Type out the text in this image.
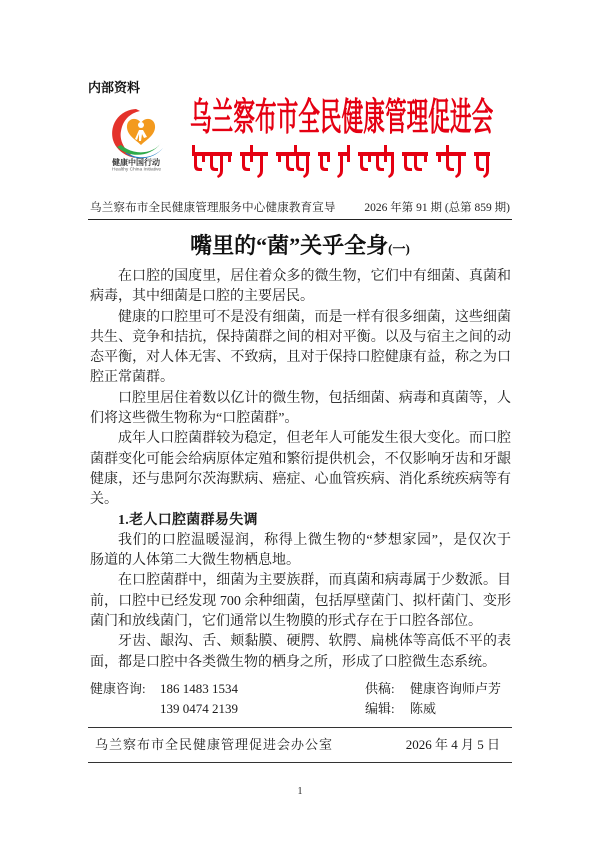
内部资料
健康中国行动
Healthy China Initiative
乌兰察布市全民健康管理促进会
乌兰察布市全民健康管理服务中心健康教育宣导 2026 年第 91 期 (总第 859 期)
嘴里的“菌”关乎全身(一)
在口腔的国度里，居住着众多的微生物，它们中有细菌、真菌和
病毒，其中细菌是口腔的主要居民。
健康的口腔里可不是没有细菌，而是一样有很多细菌，这些细菌
共生、竞争和拮抗，保持菌群之间的相对平衡。以及与宿主之间的动
态平衡，对人体无害、不致病，且对于保持口腔健康有益，称之为口
腔正常菌群。
口腔里居住着数以亿计的微生物，包括细菌、病毒和真菌等，人
们将这些微生物称为“口腔菌群”。
成年人口腔菌群较为稳定，但老年人可能发生很大变化。而口腔
菌群变化可能会给病原体定殖和繁衍提供机会，不仅影响牙齿和牙龈
健康，还与患阿尔茨海默病、癌症、心血管疾病、消化系统疾病等有
关。
1.老人口腔菌群易失调
我们的口腔温暖湿润，称得上微生物的“梦想家园”，是仅次于
肠道的人体第二大微生物栖息地。
在口腔菌群中，细菌为主要族群，而真菌和病毒属于少数派。目
前，口腔中已经发现 700 余种细菌，包括厚壁菌门、拟杆菌门、变形
菌门和放线菌门，它们通常以生物膜的形式存在于口腔各部位。
牙齿、龈沟、舌、颊黏膜、硬腭、软腭、扁桃体等高低不平的表
面，都是口腔中各类微生物的栖身之所，形成了口腔微生态系统。
健康咨询: 186 1483 1534
139 0474 2139
供稿: 健康咨询师卢芳
编辑: 陈威
乌兰察布市全民健康管理促进会办公室	2026 年 4 月 5 日
1
